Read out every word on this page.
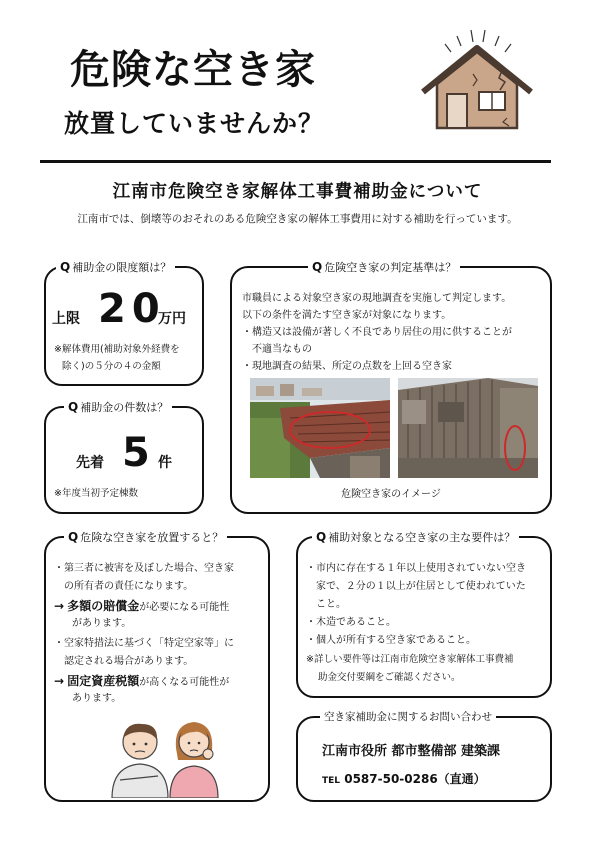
危険な空き家
放置していませんか？
江南市危険空き家解体工事費補助金について
江南市では、倒壊等のおそれのある危険空き家の解体工事費用に対する補助を行っています。
Q 補助金の限度額は？
上限 20
万円
※解体費用(補助対象外経費を
除く)の５分の４の金額
Q 補助金の件数は？
先着 5 件
※年度当初予定棟数
Q 危険空き家の判定基準は？
市職員による対象空き家の現地調査を実施して判定します。
以下の条件を満たす空き家が対象になります。
・構造又は設備が著しく不良であり居住の用に供することが
不適当なもの
・現地調査の結果、所定の点数を上回る空き家
危険空き家のイメージ
Q 危険な空き家を放置すると？
・第三者に被害を及ぼした場合、空き家
の所有者の責任になります。
→ 多額の賠償金が必要になる可能性
があります。
・空家特措法に基づく「特定空家等」に
認定される場合があります。
→ 固定資産税額が高くなる可能性が
あります。
Q 補助対象となる空き家の主な要件は？
・市内に存在する１年以上使用されていない空き
家で、２分の１以上が住居として使われていた
こと。
・木造であること。
・個人が所有する空き家であること。
※詳しい要件等は江南市危険空き家解体工事費補
助金交付要綱をご確認ください。
空き家補助金に関するお問い合わせ
江南市役所 都市整備部 建築課
TEL 0587-50-0286（直通）
